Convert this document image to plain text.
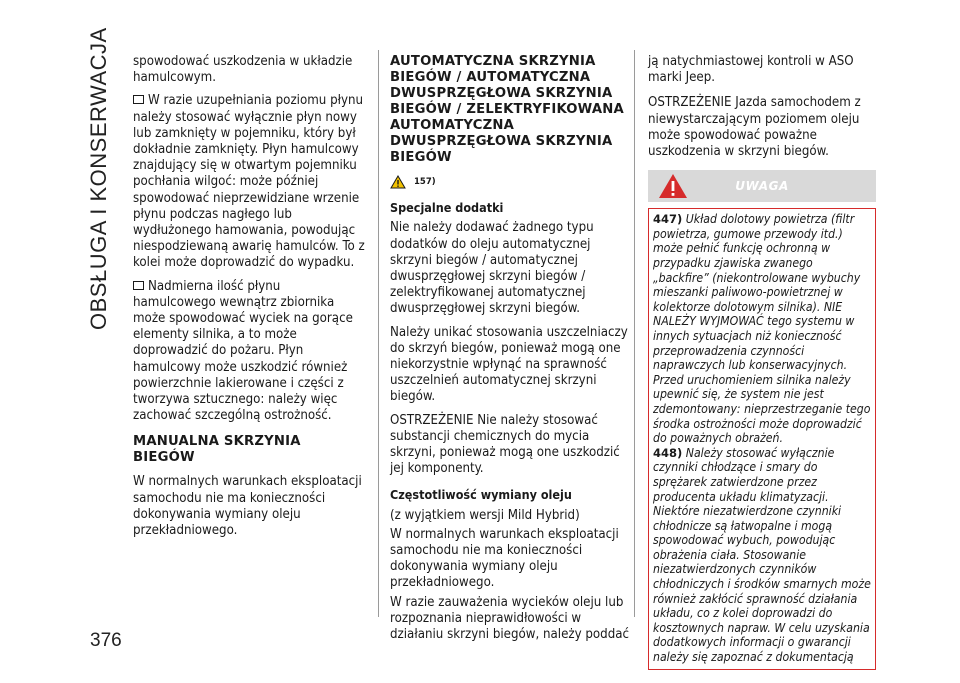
OBSŁUGA I KONSERWACJA
376

spowodować uszkodzenia w układzie hamulcowym.

W razie uzupełniania poziomu płynu należy stosować wyłącznie płyn nowy lub zamknięty w pojemniku, który był dokładnie zamknięty. Płyn hamulcowy znajdujący się w otwartym pojemniku pochłania wilgoć: może później spowodować nieprzewidziane wrzenie płynu podczas nagłego lub wydłużonego hamowania, powodując niespodziewaną awarię hamulców. To z kolei może doprowadzić do wypadku.

Nadmierna ilość płynu hamulcowego wewnątrz zbiornika może spowodować wyciek na gorące elementy silnika, a to może doprowadzić do pożaru. Płyn hamulcowy może uszkodzić również powierzchnie lakierowane i części z tworzywa sztucznego: należy więc zachować szczególną ostrożność.

MANUALNA SKRZYNIA BIEGÓW

W normalnych warunkach eksploatacji samochodu nie ma konieczności dokonywania wymiany oleju przekładniowego.

AUTOMATYCZNA SKRZYNIA BIEGÓW / AUTOMATYCZNA DWUSPRZĘGŁOWA SKRZYNIA BIEGÓW / ZELEKTRYFIKOWANA AUTOMATYCZNA DWUSPRZĘGŁOWA SKRZYNIA BIEGÓW
157)
Specjalne dodatki

Nie należy dodawać żadnego typu dodatków do oleju automatycznej skrzyni biegów / automatycznej dwusprzęgłowej skrzyni biegów / zelektryfikowanej automatycznej dwusprzęgłowej skrzyni biegów.

Należy unikać stosowania uszczelniaczy do skrzyń biegów, ponieważ mogą one niekorzystnie wpłynąć na sprawność uszczelnień automatycznej skrzyni biegów.

OSTRZEŻENIE Nie należy stosować substancji chemicznych do mycia skrzyni, ponieważ mogą one uszkodzić jej komponenty.

Częstotliwość wymiany oleju

(z wyjątkiem wersji Mild Hybrid)

W normalnych warunkach eksploatacji samochodu nie ma konieczności dokonywania wymiany oleju przekładniowego.

W razie zauważenia wycieków oleju lub rozpoznania nieprawidłowości w działaniu skrzyni biegów, należy poddać

ją natychmiastowej kontroli w ASO marki Jeep.

OSTRZEŻENIE Jazda samochodem z niewystarczającym poziomem oleju może spowodować poważne uszkodzenia w skrzyni biegów.

UWAGA

447) Układ dolotowy powietrza (filtr powietrza, gumowe przewody itd.) może pełnić funkcję ochronną w przypadku zjawiska zwanego „backfire” (niekontrolowane wybuchy mieszanki paliwowo-powietrznej w kolektorze dolotowym silnika). NIE NALEŻY WYJMOWAĆ tego systemu w innych sytuacjach niż konieczność przeprowadzenia czynności naprawczych lub konserwacyjnych. Przed uruchomieniem silnika należy upewnić się, że system nie jest zdemontowany: nieprzestrzeganie tego środka ostrożności może doprowadzić do poważnych obrażeń.

448) Należy stosować wyłącznie czynniki chłodzące i smary do sprężarek zatwierdzone przez producenta układu klimatyzacji. Niektóre niezatwierdzone czynniki chłodnicze są łatwopalne i mogą spowodować wybuch, powodując obrażenia ciała. Stosowanie niezatwierdzonych czynników chłodniczych i środków smarnych może również zakłócić sprawność działania układu, co z kolei doprowadzi do kosztownych napraw. W celu uzyskania dodatkowych informacji o gwarancji należy się zapoznać z dokumentacją
